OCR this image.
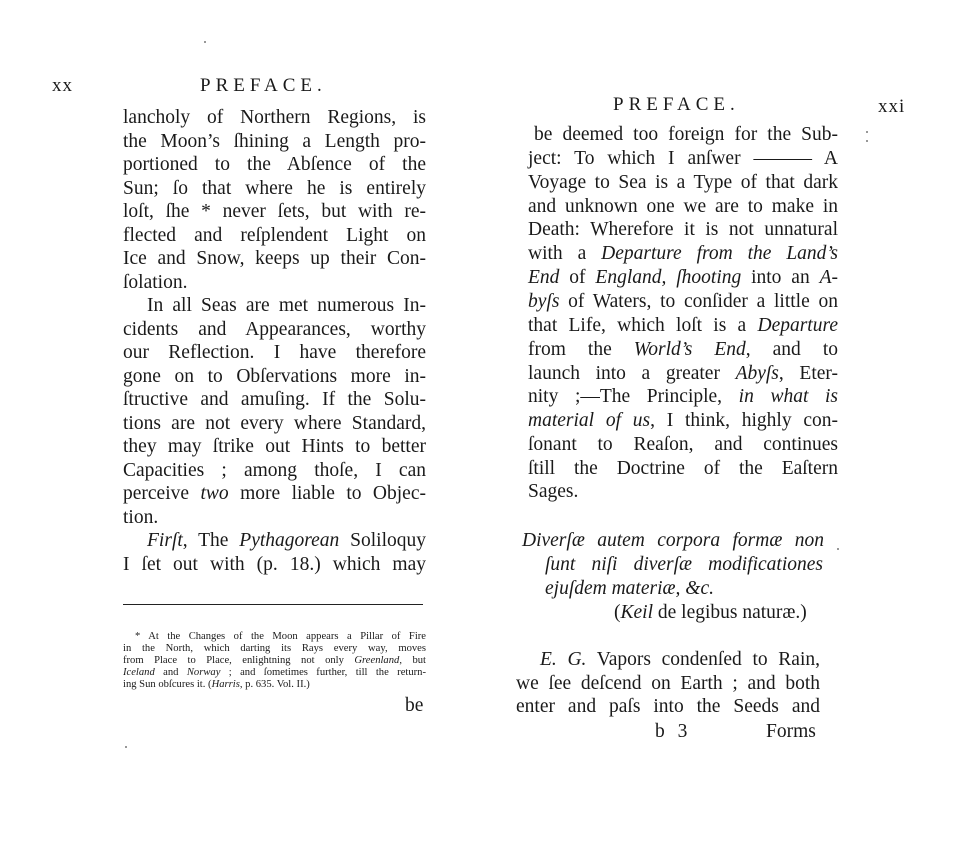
xx	PREFACE.
lancholy of Northern Regions, is
the Moon’s ſhining a Length pro-
portioned to the Abſence of the
Sun; ſo that where he is entirely
loſt, ſhe * never ſets, but with re-
flected and reſplendent Light on
Ice and Snow, keeps up their Con-
ſolation.
In all Seas are met numerous In-
cidents and Appearances, worthy
our Reflection. I have therefore
gone on to Obſervations more in-
ſtructive and amuſing. If the Solu-
tions are not every where Standard,
they may ſtrike out Hints to better
Capacities ; among thoſe, I can
perceive two more liable to Objec-
tion.
Firſt, The Pythagorean Soliloquy
I ſet out with (p. 18.) which may
* At the Changes of the Moon appears a Pillar of Fire
in the North, which darting its Rays every way, moves
from Place to Place, enlightning not only Greenland, but
Iceland and Norway ; and ſometimes further, till the return-
ing Sun obſcures it. (Harris, p. 635. Vol. II.)
be
PREFACE.	xxi
be deemed too foreign for the Sub-
ject: To which I anſwer ——— A
Voyage to Sea is a Type of that dark
and unknown one we are to make in
Death: Wherefore it is not unnatural
with a Departure from the Land’s
End of England, ſhooting into an A-
byſs of Waters, to conſider a little on
that Life, which loſt is a Departure
from the World’s End, and to
launch into a greater Abyſs, Eter-
nity ;—The Principle, in what is
material of us, I think, highly con-
ſonant to Reaſon, and continues
ſtill the Doctrine of the Eaſtern
Sages.
Diverſæ autem corpora formæ non
ſunt niſi diverſæ modificationes
ejuſdem materiæ, &c.
(Keil de legibus naturæ.)
E. G. Vapors condenſed to Rain,
we ſee deſcend on Earth ; and both
enter and paſs into the Seeds and
b 3	Forms
